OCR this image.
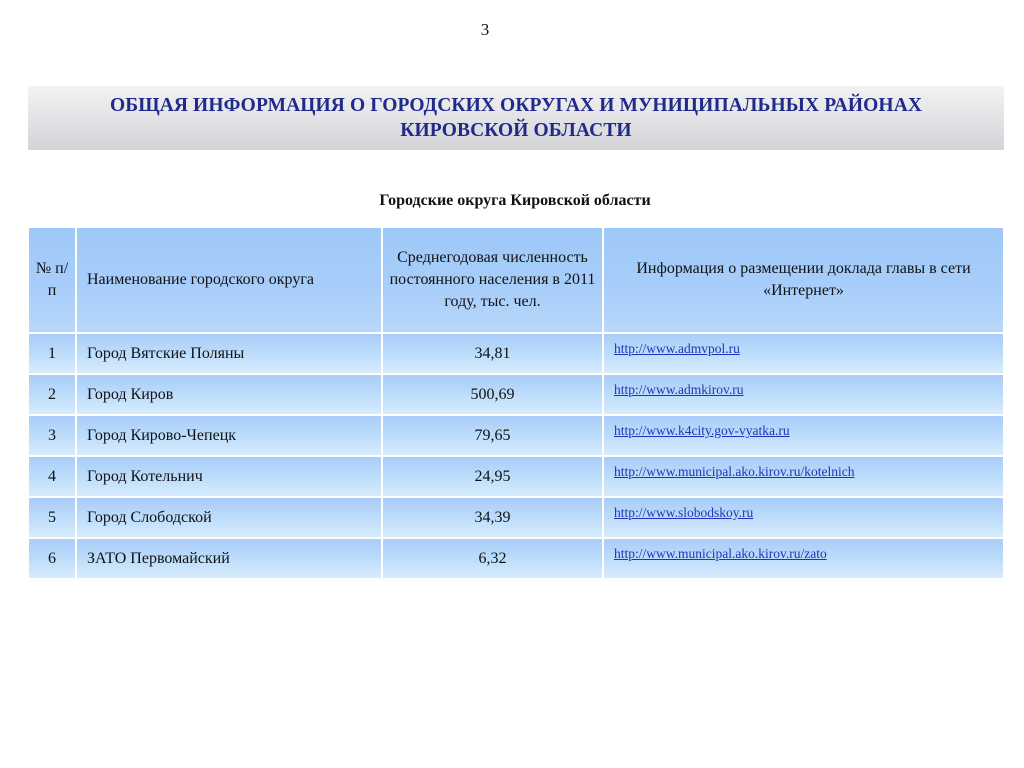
3
ОБЩАЯ ИНФОРМАЦИЯ О ГОРОДСКИХ ОКРУГАХ И МУНИЦИПАЛЬНЫХ РАЙОНАХ
КИРОВСКОЙ ОБЛАСТИ
Городские округа Кировской области
№ п/п	Наименование городского округа	Среднегодовая численность постоянного населения в 2011 году, тыс. чел.	Информация о размещении доклада главы в сети «Интернет»
1	Город Вятские Поляны	34,81	http://www.admvpol.ru
2	Город Киров	500,69	http://www.admkirov.ru
3	Город Кирово-Чепецк	79,65	http://www.k4city.gov-vyatka.ru
4	Город Котельнич	24,95	http://www.municipal.ako.kirov.ru/kotelnich
5	Город Слободской	34,39	http://www.slobodskoy.ru
6	ЗАТО Первомайский	6,32	http://www.municipal.ako.kirov.ru/zato
